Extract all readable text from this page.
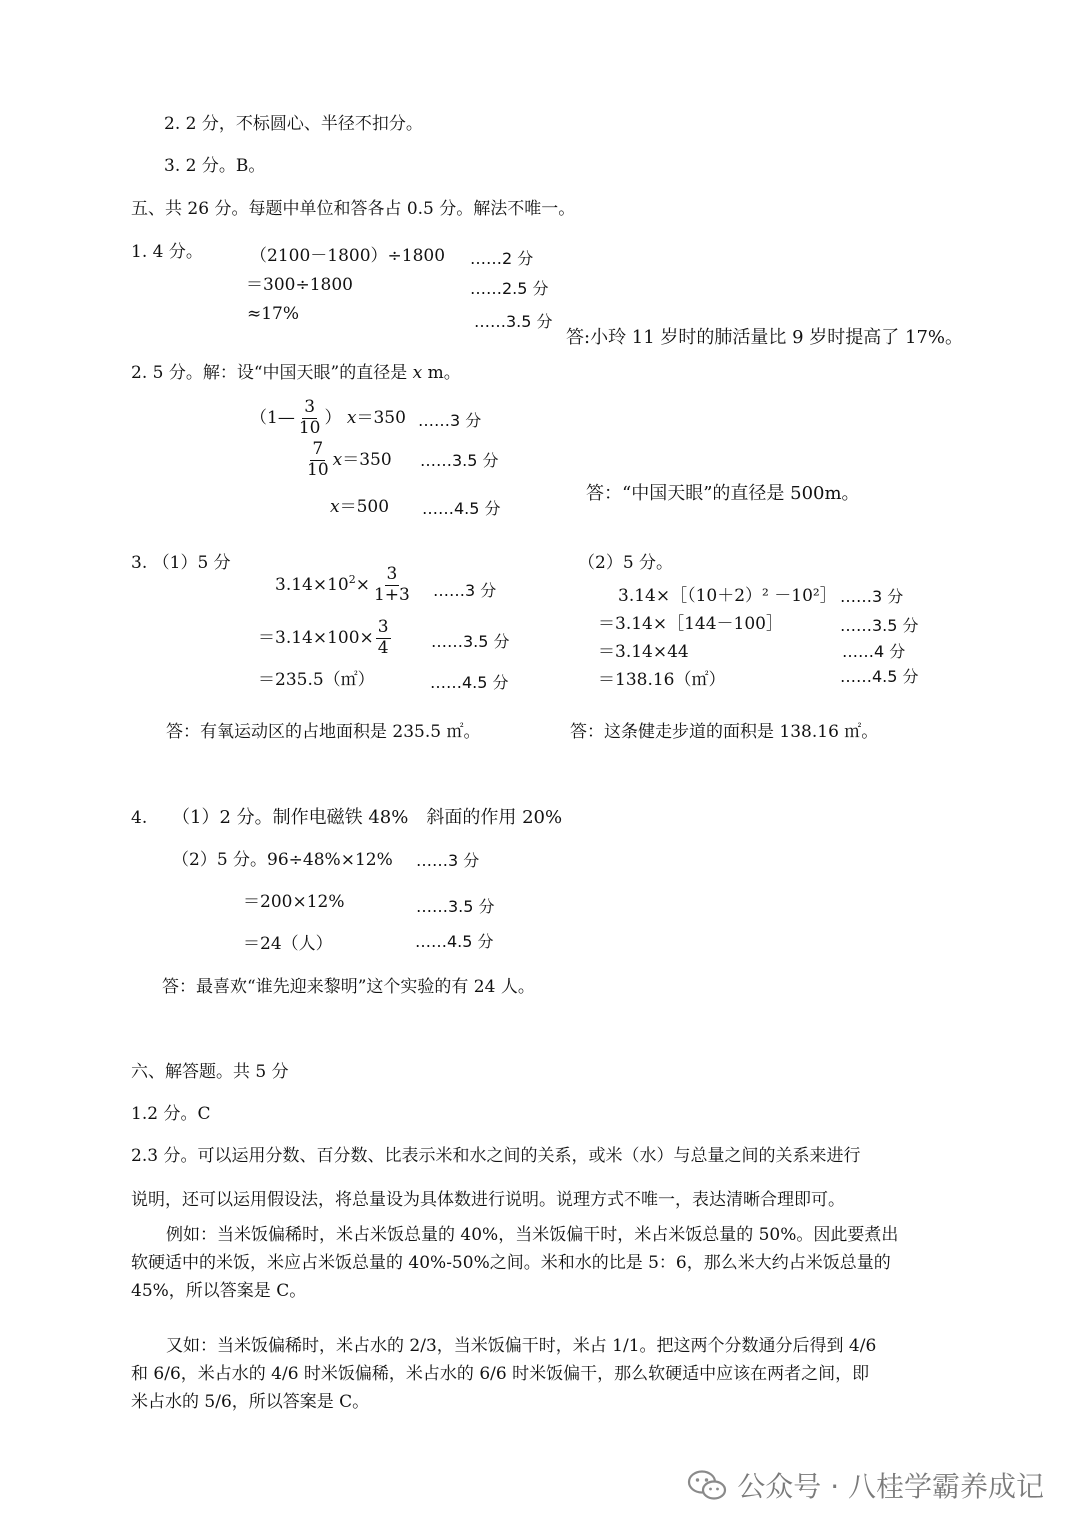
2. 2 分，不标圆心、半径不扣分。
3. 2 分。B。
五、共 26 分。每题中单位和答各占 0.5 分。解法不唯一。
1. 4 分。	（2100－1800）÷1800
＝300÷1800
≈17%
……2 分
……2.5 分
……3.5 分
答:小玲 11 岁时的肺活量比 9 岁时提高了 17%。
2. 5 分。解：设“中国天眼”的直径是 x m。
（1— $\frac{3}{10}$ ） x＝350
$\frac{7}{10} x=350$
x＝500
……3 分
……3.5 分
……4.5 分
答：“中国天眼”的直径是 500m。
3. （1）5 分
$3.14\times 10^2\times \frac{3}{1+3}$
$=3.14\times 100\times \frac{3}{4}$
＝235.5（㎡）
……3 分
……3.5 分
……4.5 分
答：有氧运动区的占地面积是 235.5 ㎡。
（2）5 分。
3.14×［（10＋2）² －10²］
＝3.14×［144－100］
＝3.14×44
＝138.16（㎡）
……3 分
……3.5 分
……4 分
……4.5 分
答：这条健走步道的面积是 138.16 ㎡。
4. （1）2 分。制作电磁铁 48%　斜面的作用 20%
（2）5 分。96÷48%×12%
＝200×12%
＝24（人）
……3 分
……3.5 分
……4.5 分
答：最喜欢“谁先迎来黎明”这个实验的有 24 人。
六、解答题。共 5 分
1.2 分。C
2.3 分。可以运用分数、百分数、比表示米和水之间的关系，或米（水）与总量之间的关系来进行
说明，还可以运用假设法，将总量设为具体数进行说明。说理方式不唯一，表达清晰合理即可。
例如：当米饭偏稀时，米占米饭总量的 40%，当米饭偏干时，米占米饭总量的 50%。因此要煮出
软硬适中的米饭，米应占米饭总量的 40%-50%之间。米和水的比是 5：6，那么米大约占米饭总量的
45%，所以答案是 C。
又如：当米饭偏稀时，米占水的 2/3，当米饭偏干时，米占 1/1。把这两个分数通分后得到 4/6
和 6/6，米占水的 4/6 时米饭偏稀，米占水的 6/6 时米饭偏干，那么软硬适中应该在两者之间，即
米占水的 5/6，所以答案是 C。
公众号 · 八桂学霸养成记
